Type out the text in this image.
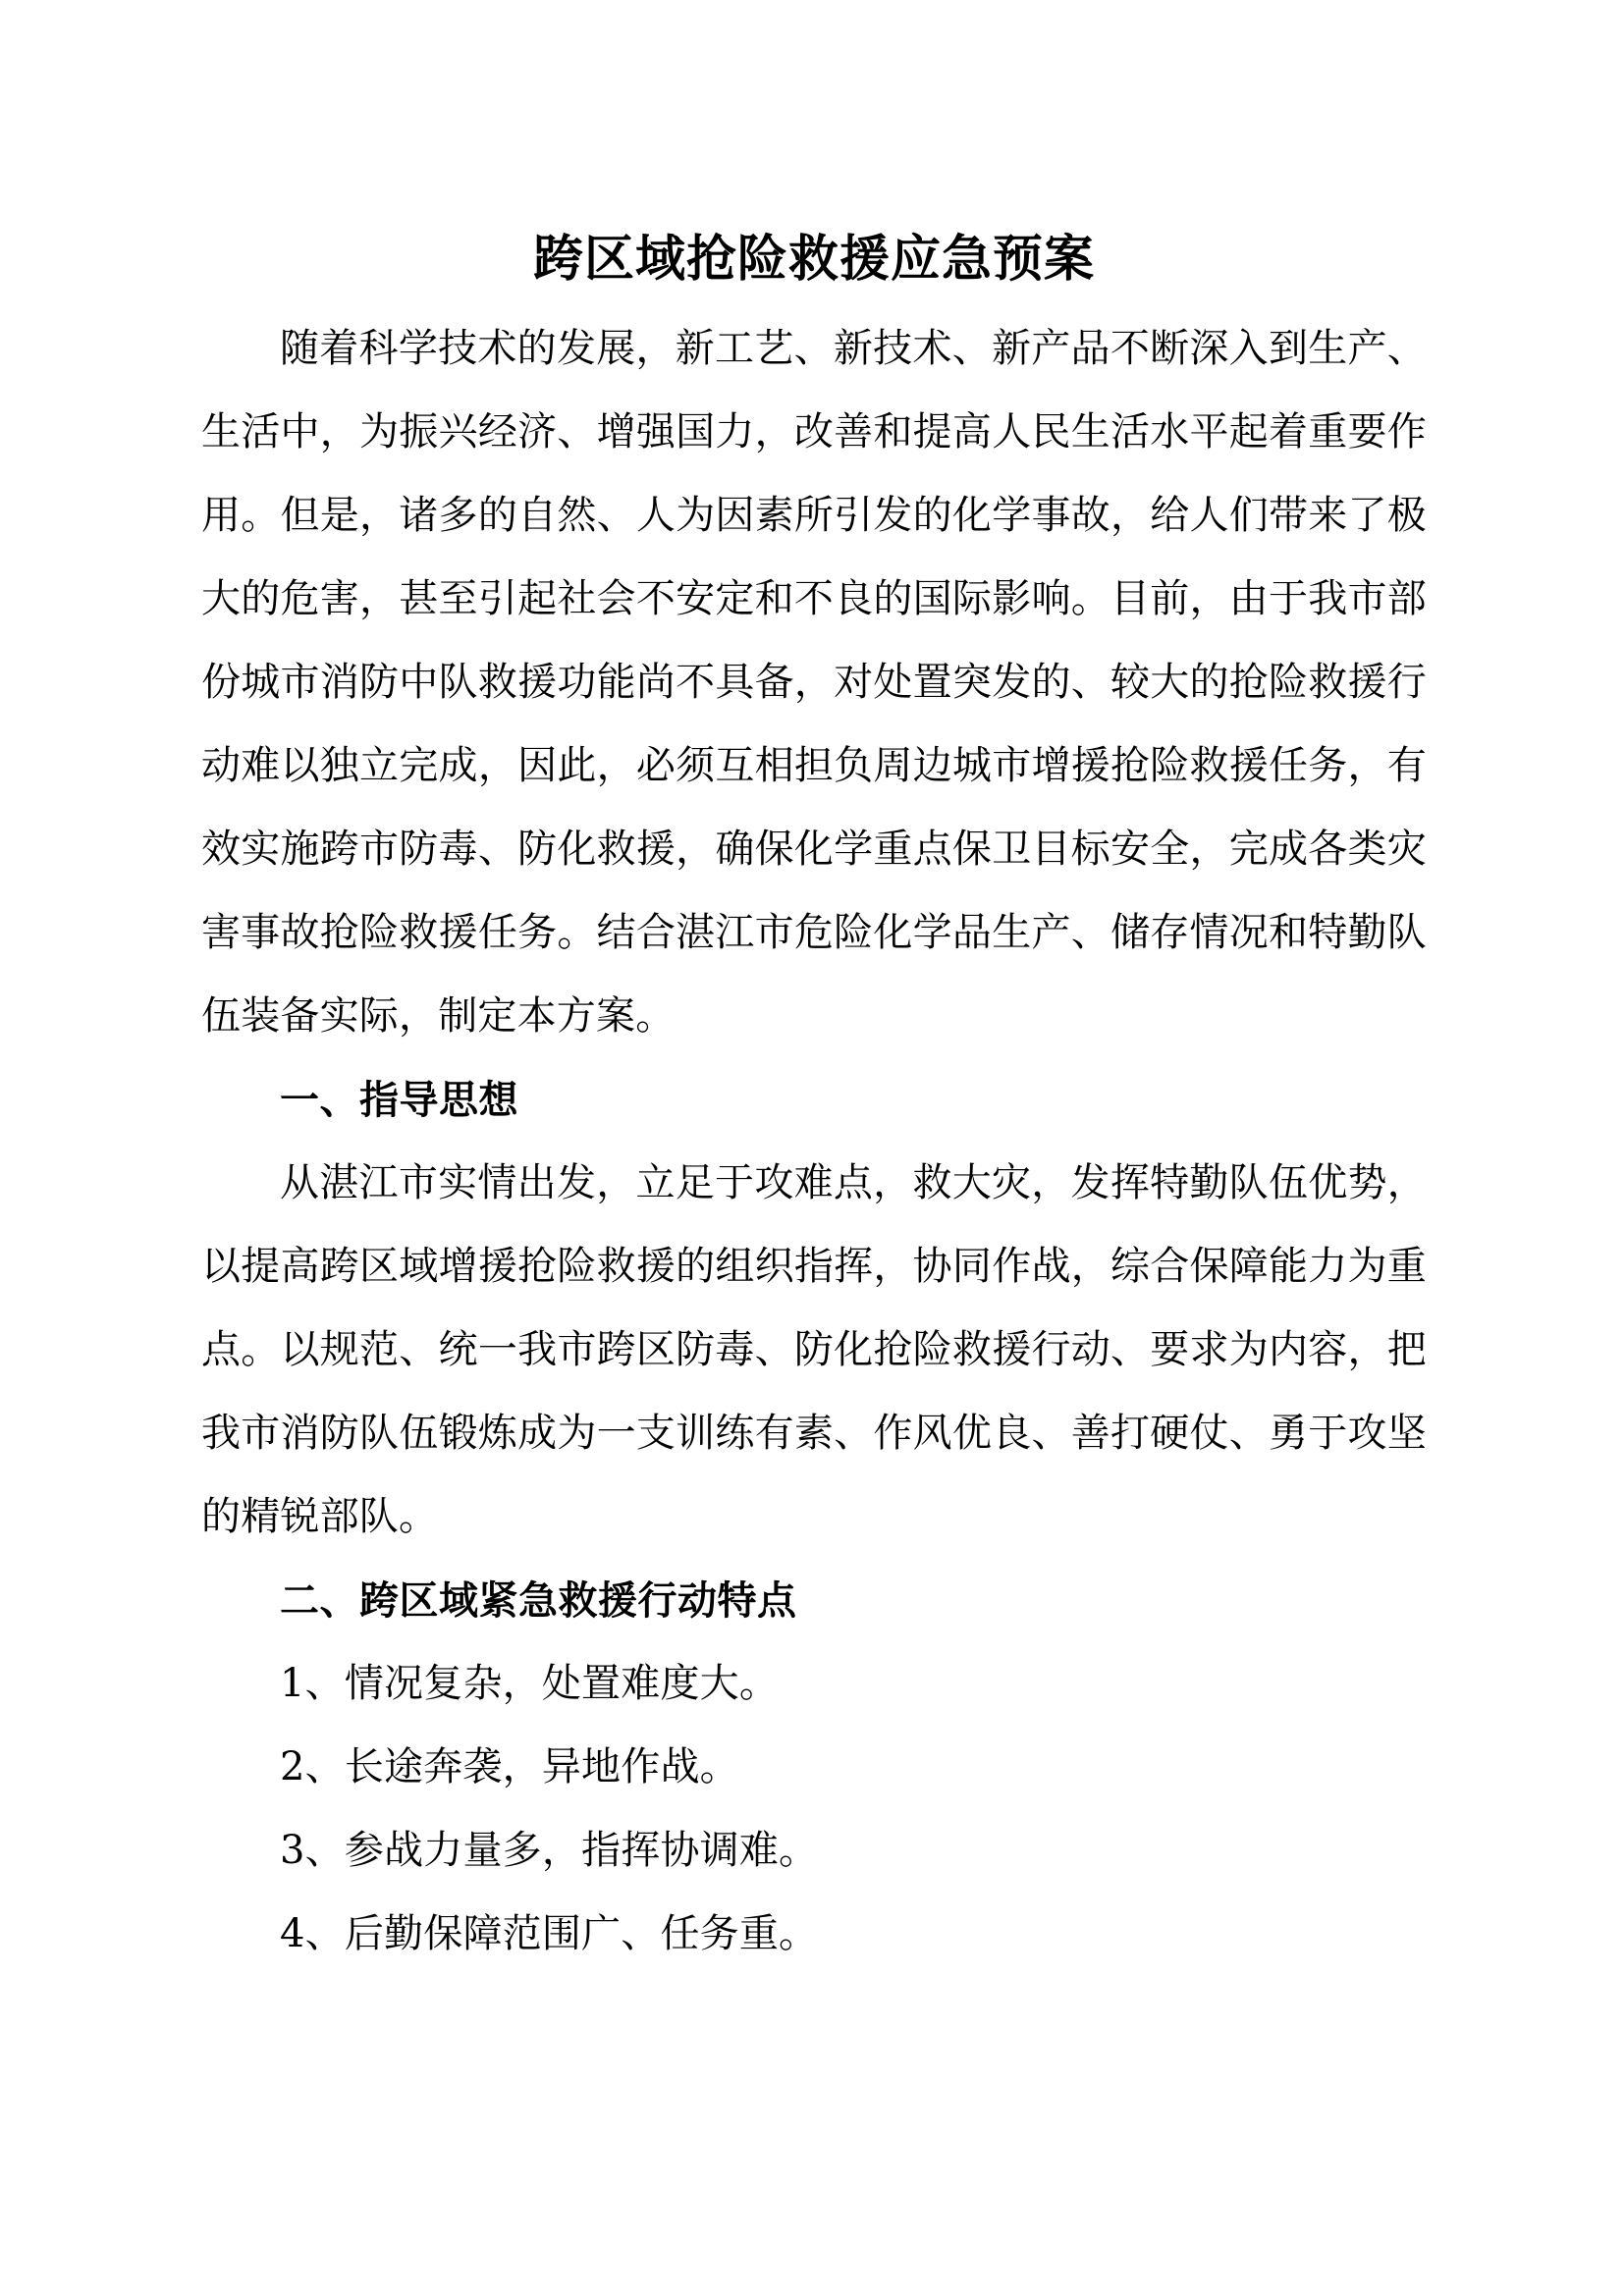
跨区域抢险救援应急预案

随着科学技术的发展，新工艺、新技术、新产品不断深入到生产、生活中，为振兴经济、增强国力，改善和提高人民生活水平起着重要作用。但是，诸多的自然、人为因素所引发的化学事故，给人们带来了极大的危害，甚至引起社会不安定和不良的国际影响。目前，由于我市部份城市消防中队救援功能尚不具备，对处置突发的、较大的抢险救援行动难以独立完成，因此，必须互相担负周边城市增援抢险救援任务，有效实施跨市防毒、防化救援，确保化学重点保卫目标安全，完成各类灾害事故抢险救援任务。结合湛江市危险化学品生产、储存情况和特勤队伍装备实际，制定本方案。

一、指导思想

从湛江市实情出发，立足于攻难点，救大灾，发挥特勤队伍优势，以提高跨区域增援抢险救援的组织指挥，协同作战，综合保障能力为重点。以规范、统一我市跨区防毒、防化抢险救援行动、要求为内容，把我市消防队伍锻炼成为一支训练有素、作风优良、善打硬仗、勇于攻坚的精锐部队。

二、跨区域紧急救援行动特点
1、情况复杂，处置难度大。
2、长途奔袭，异地作战。
3、参战力量多，指挥协调难。
4、后勤保障范围广、任务重。
